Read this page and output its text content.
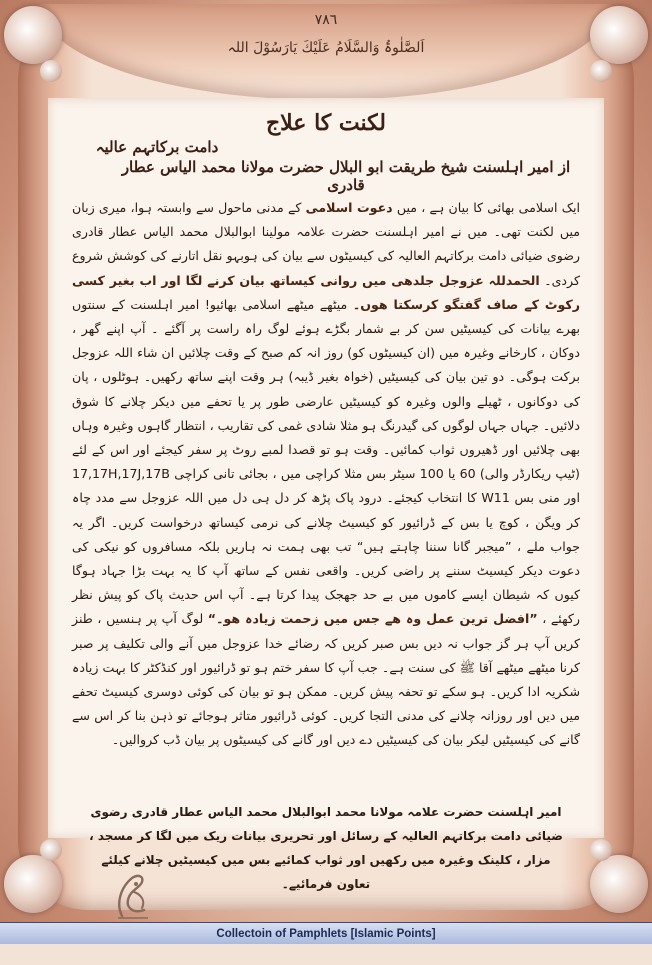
۷۸٦
اَلصَّلٰوۃُ وَالسَّلَامُ عَلَیْكَ یَارَسُوْلَ اللہ
لکنت کا علاج
دامت برکاتہم عالیہ
از امیر اہلسنت شیخ طریقت ابو البلال حضرت مولانا محمد الیاس عطار قادری
ایک اسلامی بھائی کا بیان ہے ، میں دعوت اسلامی کے مدنی ماحول سے وابستہ ہوا، میری زبان میں لکنت تھی۔ میں نے امیر اہلسنت حضرت علامہ مولینا ابوالبلال محمد الیاس عطار قادری رضوی ضیائی دامت برکاتہم العالیہ کی کیسیٹوں سے بیان کی ہوبہو نقل اتارنے کی کوشش شروع کردی۔ الحمدللہ عزوجل جلدھی میں روانی کیساتھ بیان کرنے لگا اور اب بغیر کسی رکوٹ کے صاف گفتگو کرسکتا ھوں۔ میٹھے میٹھے اسلامی بھائیو! امیر اہلسنت کے سنتوں بھرے بیانات کی کیسیٹیں سن کر بے شمار بگڑے ہوئے لوگ راہ راست پر آگئے ۔ آپ اپنے گھر ، دوکان ، کارخانے وغیرہ میں (ان کیسیٹوں کو) روز انہ کم صبح کے وقت چلائیں ان شاء اللہ عزوجل برکت ہوگی۔ دو تین بیان کی کیسیٹیں (خواہ بغیر ڈیبہ) ہر وقت اپنے ساتھ رکھیں۔ ہوٹلوں ، پان کی دوکانوں ، ٹھیلے والوں وغیرہ کو کیسیٹیں عارضی طور پر یا تحفے میں دیکر چلانے کا شوق دلائیں۔ جہاں جہاں لوگوں کی گیدرنگ ہو مثلا شادی غمی کی تقاریب ، انتظار گاہوں وغیرہ وہاں بھی چلائیں اور ڈھیروں ثواب کمائیں۔ وقت ہو تو قصدا لمبے روٹ پر سفر کیجئے اور اس کے لئے (ٹیپ ریکارڈر والی) 60 یا 100 سیٹر بس مثلا کراچی میں ، بجائی تانی کراچی 17,17H,17J,17B اور منی بس W11 کا انتخاب کیجئے۔ درود پاک پڑھ کر دل ہی دل میں اللہ عزوجل سے مدد چاہ کر ویگن ، کوچ یا بس کے ڈرائیور کو کیسیٹ چلانے کی نرمی کیساتھ درخواست کریں۔ اگر یہ جواب ملے ، ”میجبر گانا سننا چاہتے ہیں“ تب بھی ہمت نہ ہاریں بلکہ مسافروں کو نیکی کی دعوت دیکر کیسیٹ سننے پر راضی کریں۔ واقعی نفس کے ساتھ آپ کا یہ بہت بڑا جہاد ہوگا کیوں کہ شیطان ایسے کاموں میں بے حد جھجک پیدا کرتا ہے۔ آپ اس حدیث پاک کو پیش نظر رکھئے ، ”افضل ترین عمل وہ ھے جس میں زحمت زیادہ ھو۔“ لوگ آپ پر ہنسیں ، طنز کریں آپ ہر گز جواب نہ دیں بس صبر کریں کہ رضائے خدا عزوجل میں آنے والی تکلیف پر صبر کرنا میٹھے میٹھے آقا ﷺ کی سنت ہے۔ جب آپ کا سفر ختم ہو تو ڈرائیور اور کنڈکٹر کا بہت زیادہ شکریہ ادا کریں۔ ہو سکے تو تحفہ پیش کریں۔ ممکن ہو تو بیان کی کوئی دوسری کیسیٹ تحفے میں دیں اور روزانہ چلانے کی مدنی التجا کریں۔ کوئی ڈرائیور متاثر ہوجائے تو ذہن بنا کر اس سے گانے کی کیسیٹیں لیکر بیان کی کیسیٹیں دے دیں اور گانے کی کیسیٹوں پر بیان ڈب کروالیں۔
امیر اہلسنت حضرت علامہ مولانا محمد ابوالبلال محمد الیاس عطار قادری رضوی ضیائی دامت برکاتہم العالیہ کے رسائل اور تحریری بیانات ریک میں لگا کر مسجد ، مزار ، کلینک وغیرہ میں رکھیں اور ثواب کمائیے بس میں کیسیٹیں چلانے کیلئے تعاون فرمائیے۔
Collectoin of Pamphlets [Islamic Points]
